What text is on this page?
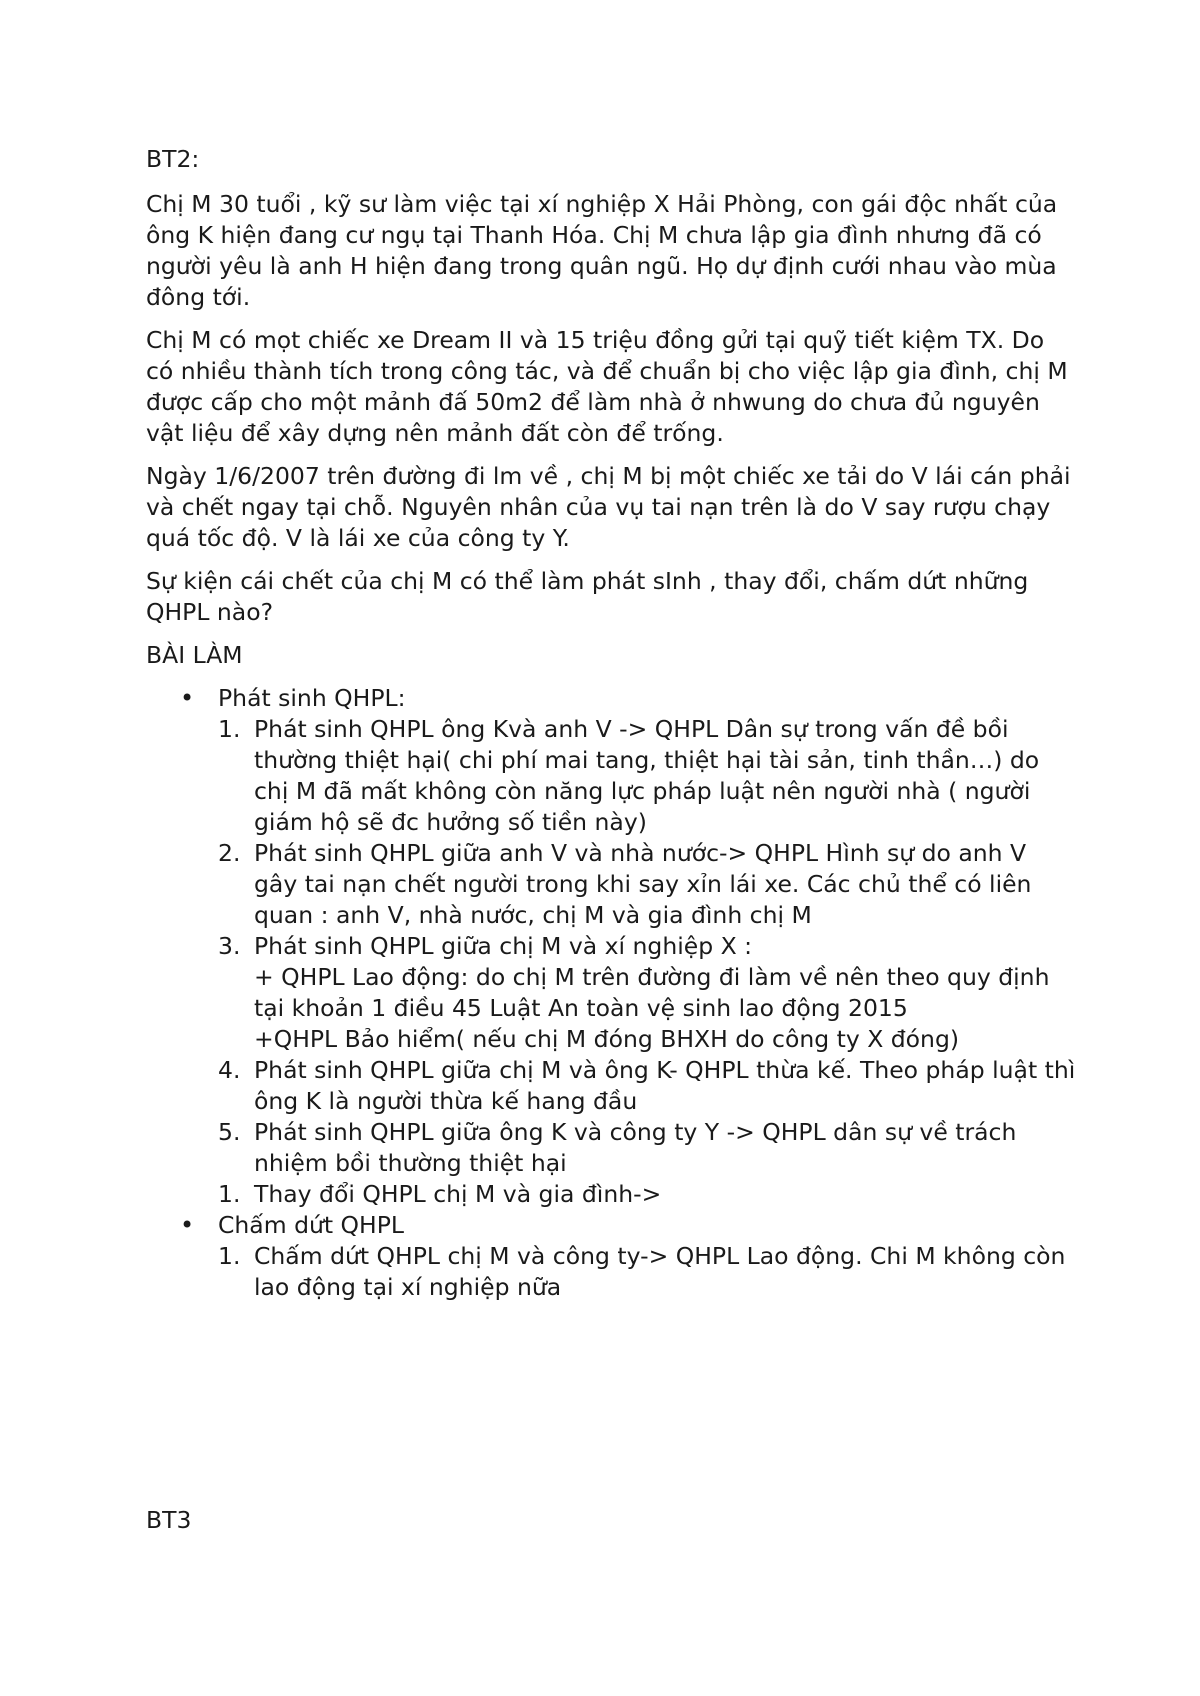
BT2:

Chị M 30 tuổi , kỹ sư làm việc tại xí nghiệp X Hải Phòng, con gái độc nhất của ông K hiện đang cư ngụ tại Thanh Hóa. Chị M chưa lập gia đình nhưng đã có người yêu là anh H hiện đang trong quân ngũ. Họ dự định cưới nhau vào mùa đông tới.

Chị M có mọt chiếc xe Dream II và 15 triệu đồng gửi tại quỹ tiết kiệm TX. Do có nhiều thành tích trong công tác, và để chuẩn bị cho việc lập gia đình, chị M được cấp cho một mảnh đấ 50m2 để làm nhà ở nhwung do chưa đủ nguyên vật liệu để xây dựng nên mảnh đất còn để trống.

Ngày 1/6/2007 trên đường đi lm về , chị M bị một chiếc xe tải do V lái cán phải và chết ngay tại chỗ. Nguyên nhân của vụ tai nạn trên là do V say rượu chạy quá tốc độ. V là lái xe của công ty Y.

Sự kiện cái chết của chị M có thể làm phát sInh , thay đổi, chấm dứt những QHPL nào?

BÀI LÀM

• Phát sinh QHPL:
1. Phát sinh QHPL ông Kvà anh V -> QHPL Dân sự trong vấn đề bồi thường thiệt hại( chi phí mai tang, thiệt hại tài sản, tinh thần…) do chị M đã mất không còn năng lực pháp luật nên người nhà ( người giám hộ sẽ đc hưởng số tiền này)
2. Phát sinh QHPL giữa anh V và nhà nước-> QHPL Hình sự do anh V gây tai nạn chết người trong khi say xỉn lái xe. Các chủ thể có liên quan : anh V, nhà nước, chị M và gia đình chị M
3. Phát sinh QHPL giữa chị M và xí nghiệp X :
+ QHPL Lao động: do chị M trên đường đi làm về nên theo quy định tại khoản 1 điều 45 Luật An toàn vệ sinh lao động 2015
+QHPL Bảo hiểm( nếu chị M đóng BHXH do công ty X đóng)
4. Phát sinh QHPL giữa chị M và ông K- QHPL thừa kế. Theo pháp luật thì ông K là người thừa kế hang đầu
5. Phát sinh QHPL giữa ông K và công ty Y -> QHPL dân sự về trách nhiệm bồi thường thiệt hại
1. Thay đổi QHPL chị M và gia đình->
• Chấm dứt QHPL
1. Chấm dứt QHPL chị M và công ty-> QHPL Lao động. Chi M không còn lao động tại xí nghiệp nữa
BT3
